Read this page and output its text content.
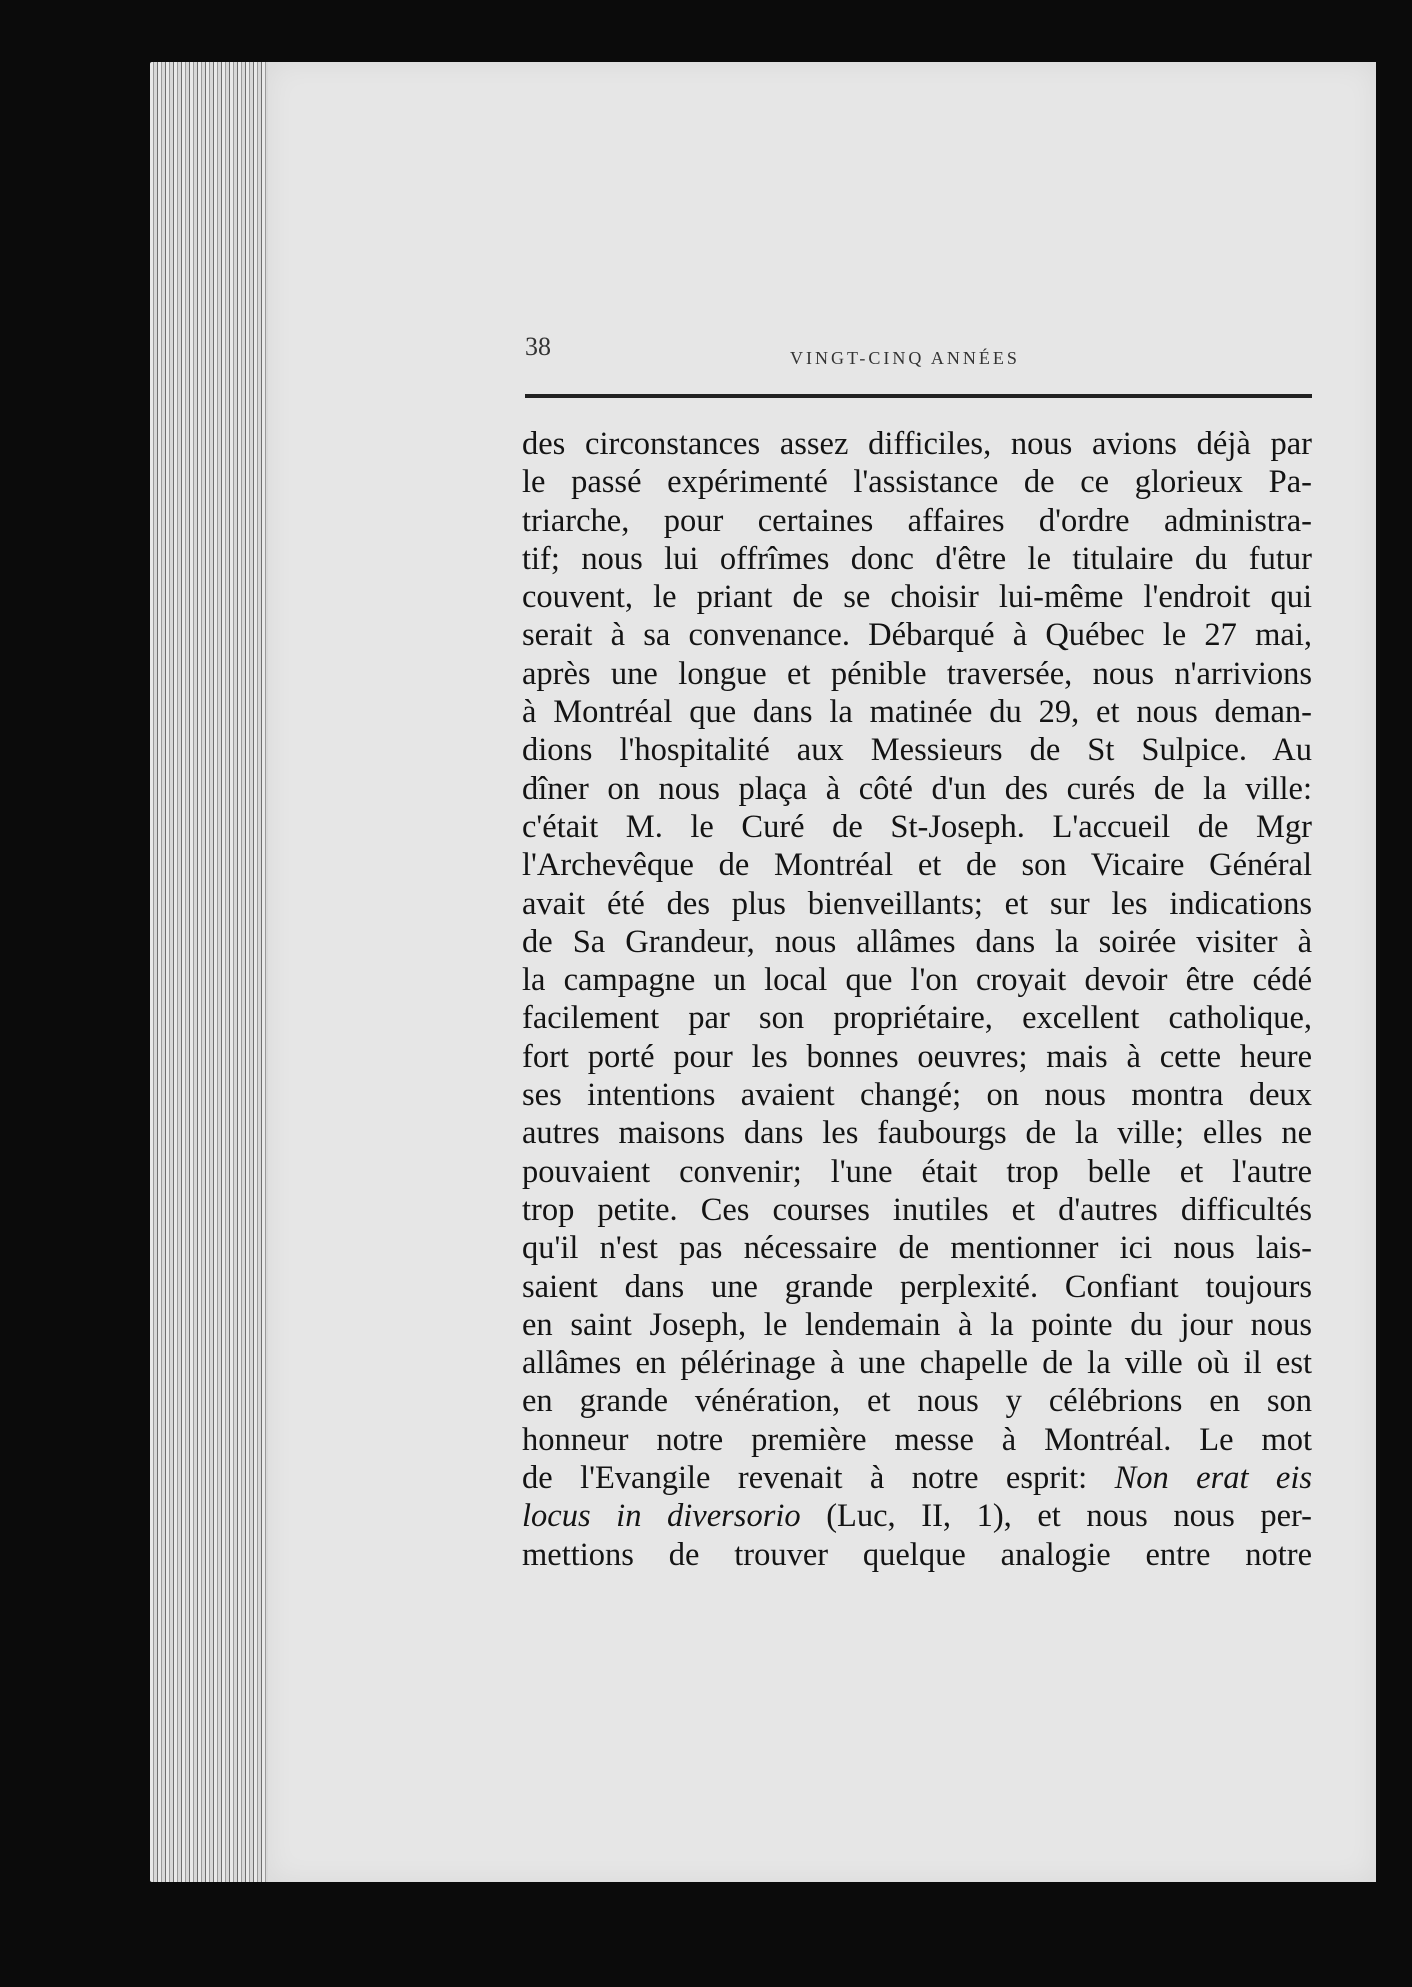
38	VINGT-CINQ ANNÉES
des circonstances assez difficiles, nous avions déjà par
le passé expérimenté l'assistance de ce glorieux Pa-
triarche, pour certaines affaires d'ordre administra-
tif; nous lui offrîmes donc d'être le titulaire du futur
couvent, le priant de se choisir lui-même l'endroit qui
serait à sa convenance. Débarqué à Québec le 27 mai,
après une longue et pénible traversée, nous n'arrivions
à Montréal que dans la matinée du 29, et nous deman-
dions l'hospitalité aux Messieurs de St Sulpice. Au
dîner on nous plaça à côté d'un des curés de la ville:
c'était M. le Curé de St-Joseph. L'accueil de Mgr
l'Archevêque de Montréal et de son Vicaire Général
avait été des plus bienveillants; et sur les indications
de Sa Grandeur, nous allâmes dans la soirée visiter à
la campagne un local que l'on croyait devoir être cédé
facilement par son propriétaire, excellent catholique,
fort porté pour les bonnes oeuvres; mais à cette heure
ses intentions avaient changé; on nous montra deux
autres maisons dans les faubourgs de la ville; elles ne
pouvaient convenir; l'une était trop belle et l'autre
trop petite. Ces courses inutiles et d'autres difficultés
qu'il n'est pas nécessaire de mentionner ici nous lais-
saient dans une grande perplexité. Confiant toujours
en saint Joseph, le lendemain à la pointe du jour nous
allâmes en pélérinage à une chapelle de la ville où il est
en grande vénération, et nous y célébrions en son
honneur notre première messe à Montréal. Le mot
de l'Evangile revenait à notre esprit: Non erat eis
locus in diversorio (Luc, II, 1), et nous nous per-
mettions de trouver quelque analogie entre notre
